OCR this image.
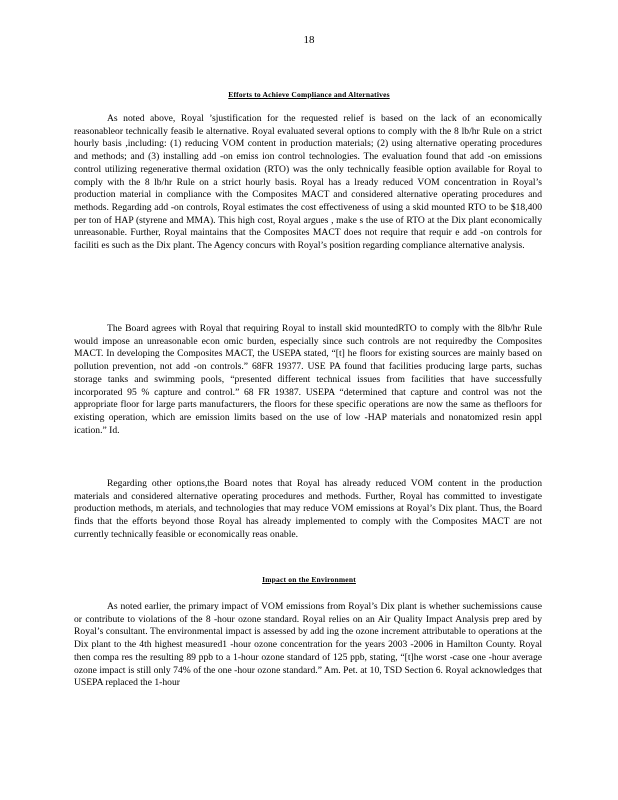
18
Efforts to Achieve Compliance and Alternatives

As noted above, Royal ’sjustification for the requested relief is based on the lack of an economically reasonableor technically feasib le alternative. Royal evaluated several options to comply with the 8 lb/hr Rule on a strict hourly basis ,including: (1) reducing VOM content in production materials; (2) using alternative operating procedures and methods; and (3) installing add -on emiss ion control technologies. The evaluation found that add -on emissions control utilizing regenerative thermal oxidation (RTO) was the only technically feasible option available for Royal to comply with the 8 lb/hr Rule on a strict hourly basis. Royal has a lready reduced VOM concentration in Royal’s production material in compliance with the Composites MACT and considered alternative operating procedures and methods. Regarding add -on controls, Royal estimates the cost effectiveness of using a skid mounted RTO to be $18,400 per ton of HAP (styrene and MMA). This high cost, Royal argues , make s the use of RTO at the Dix plant economically unreasonable. Further, Royal maintains that the Composites MACT does not require that requir e add -on controls for faciliti es such as the Dix plant. The Agency concurs with Royal’s position regarding compliance alternative analysis.

The Board agrees with Royal that requiring Royal to install skid mountedRTO to comply with the 8lb/hr Rule would impose an unreasonable econ omic burden, especially since such controls are not requiredby the Composites MACT. In developing the Composites MACT, the USEPA stated, “[t] he floors for existing sources are mainly based on pollution prevention, not add -on controls.” 68FR 19377. USE PA found that facilities producing large parts, suchas storage tanks and swimming pools, “presented different technical issues from facilities that have successfully incorporated 95 % capture and control.” 68 FR 19387. USEPA “determined that capture and control was not the appropriate floor for large parts manufacturers, the floors for these specific operations are now the same as thefloors for existing operation, which are emission limits based on the use of low -HAP materials and nonatomized resin appl ication.” Id.

Regarding other options,the Board notes that Royal has already reduced VOM content in the production materials and considered alternative operating procedures and methods. Further, Royal has committed to investigate production methods, m aterials, and technologies that may reduce VOM emissions at Royal’s Dix plant. Thus, the Board finds that the efforts beyond those Royal has already implemented to comply with the Composites MACT are not currently technically feasible or economically reas onable.

Impact on the Environment

As noted earlier, the primary impact of VOM emissions from Royal’s Dix plant is whether suchemissions cause or contribute to violations of the 8 -hour ozone standard. Royal relies on an Air Quality Impact Analysis prep ared by Royal’s consultant. The environmental impact is assessed by add ing the ozone increment attributable to operations at the Dix plant to the 4th highest measured1 -hour ozone concentration for the years 2003 -2006 in Hamilton County. Royal then compa res the resulting 89 ppb to a 1-hour ozone standard of 125 ppb, stating, “[t]he worst -case one -hour average ozone impact is still only 74% of the one -hour ozone standard.” Am. Pet. at 10, TSD Section 6. Royal acknowledges that USEPA replaced the 1-hour
